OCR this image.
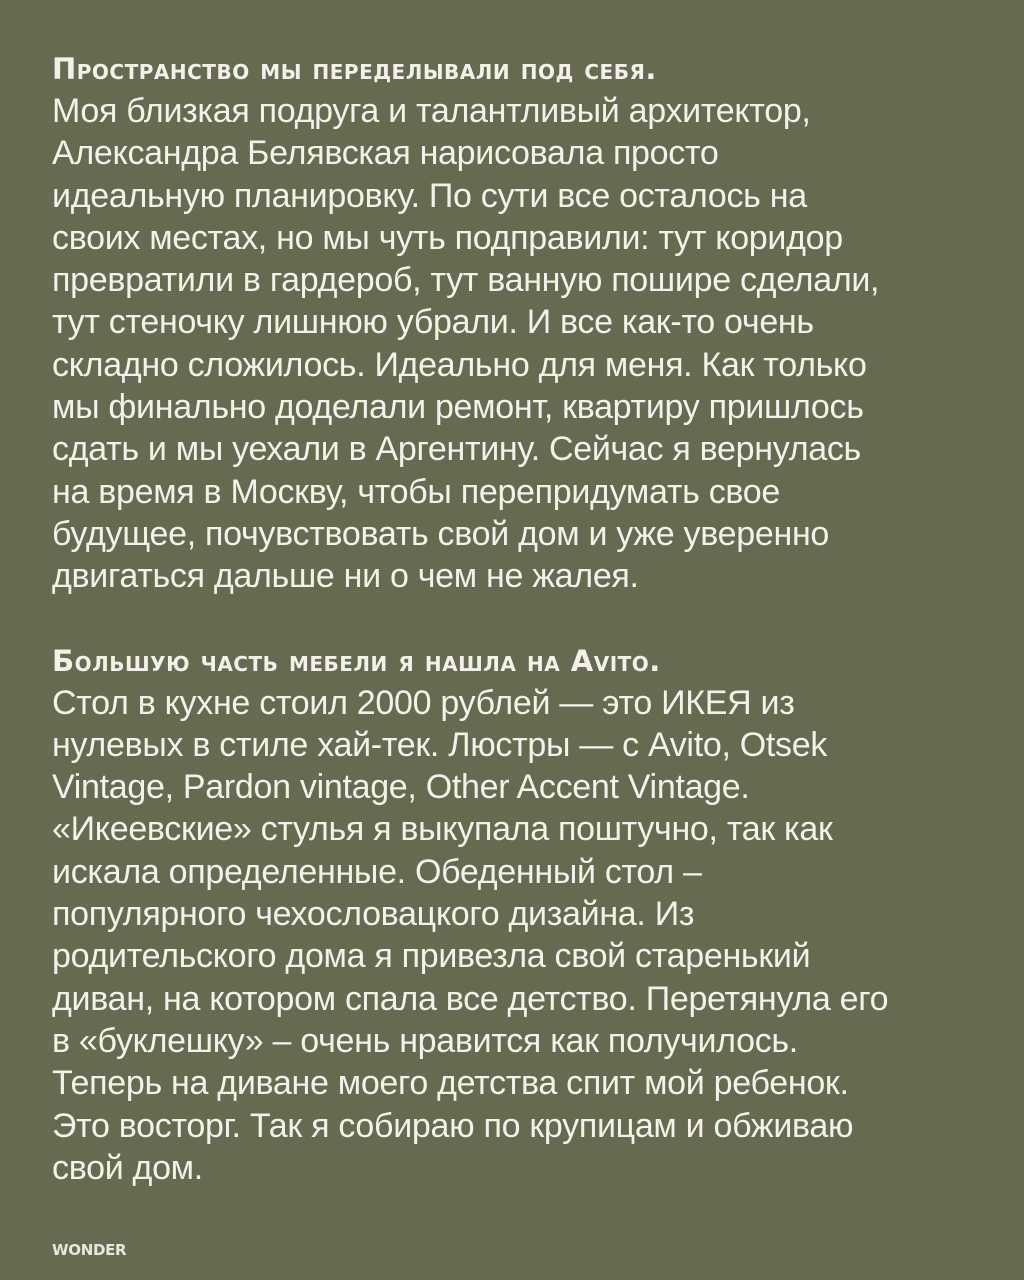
Пространство мы переделывали под себя.
Моя близкая подруга и талантливый архитектор,
Александра Белявская нарисовала просто
идеальную планировку. По сути все осталось на
своих местах, но мы чуть подправили: тут коридор
превратили в гардероб, тут ванную пошире сделали,
тут стеночку лишнюю убрали. И все как-то очень
складно сложилось. Идеально для меня. Как только
мы финально доделали ремонт, квартиру пришлось
сдать и мы уехали в Аргентину. Сейчас я вернулась
на время в Москву, чтобы перепридумать свое
будущее, почувствовать свой дом и уже уверенно
двигаться дальше ни о чем не жалея.
Большую часть мебели я нашла на Avito.
Стол в кухне стоил 2000 рублей — это ИКЕЯ из
нулевых в стиле хай-тек. Люстры — с Avito, Otsek
Vintage, Pardon vintage, Other Accent Vintage.
«Икеевские» стулья я выкупала поштучно, так как
искала определенные. Обеденный стол –
популярного чехословацкого дизайна. Из
родительского дома я привезла свой старенький
диван, на котором спала все детство. Перетянула его
в «буклешку» – очень нравится как получилось.
Теперь на диване моего детства спит мой ребенок.
Это восторг. Так я собираю по крупицам и обживаю
свой дом.
WONDER
